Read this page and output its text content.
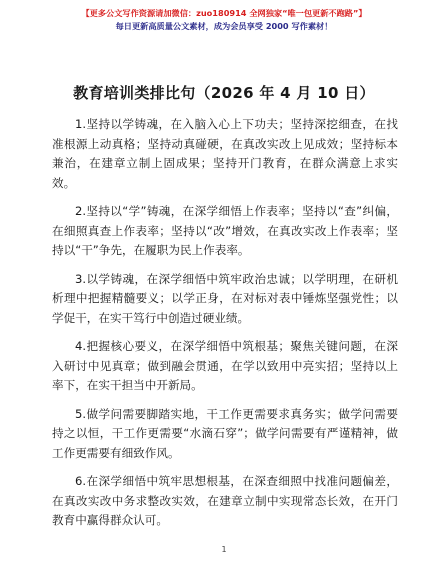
【更多公文写作资源请加微信：zuo180914 全网独家“唯一包更新不跑路”】
每日更新高质量公文素材，成为会员享受 2000 写作素材！
教育培训类排比句（2026 年 4 月 10 日）

1.坚持以学铸魂，在入脑入心上下功夫；坚持深挖细查，在找准根源上动真格；坚持动真碰硬，在真改实改上见成效；坚持标本兼治，在建章立制上固成果；坚持开门教育，在群众满意上求实效。

2.坚持以“学”铸魂，在深学细悟上作表率；坚持以“查”纠偏，在细照真查上作表率；坚持以“改”增效，在真改实改上作表率；坚持以“干”争先，在履职为民上作表率。

3.以学铸魂，在深学细悟中筑牢政治忠诚；以学明理，在研机析理中把握精髓要义；以学正身，在对标对表中锤炼坚强党性；以学促干，在实干笃行中创造过硬业绩。

4.把握核心要义，在深学细悟中筑根基；聚焦关键问题，在深入研讨中见真章；做到融会贯通，在学以致用中亮实招；坚持以上率下，在实干担当中开新局。

5.做学问需要脚踏实地，干工作更需要求真务实；做学问需要持之以恒，干工作更需要“水滴石穿”；做学问需要有严谨精神，做工作更需要有细致作风。

6.在深学细悟中筑牢思想根基，在深查细照中找准问题偏差，在真改实改中务求整改实效，在建章立制中实现常态长效，在开门教育中赢得群众认可。

1
